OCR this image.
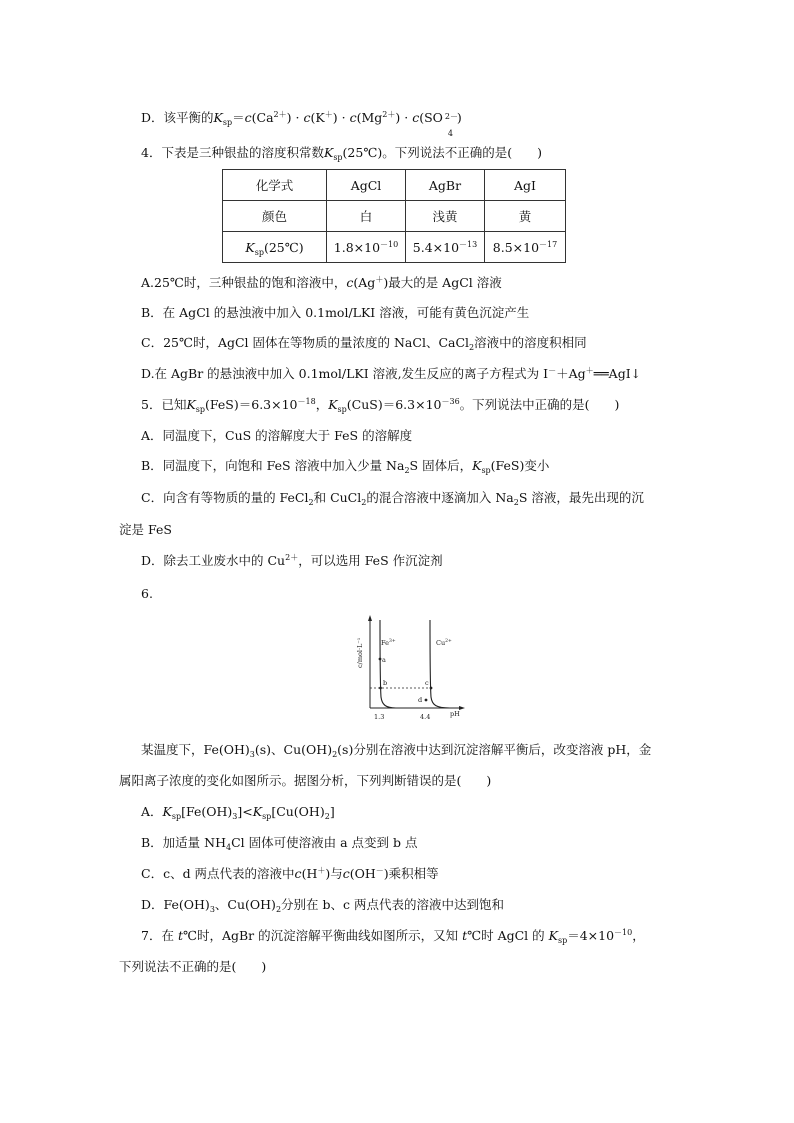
D．该平衡的$K_{sp}=c(Ca^{2+}) \cdot c(K^+) \cdot c(Mg^{2+}) \cdot c(SO$ 2－
4
)
4．下表是三种银盐的溶度积常数$K_{sp}(25℃)$。下列说法不正确的是(　　)
化学式	AgCl	AgBr	AgI
颜色	白	浅黄	黄
$K_{sp}(25℃)$	$1.8\times 10^{-10}$	$5.4\times 10^{-13}$	$8.5\times 10^{-17}$
A.25℃时，三种银盐的饱和溶液中，c(Ag＋)最大的是 AgCl 溶液
B．在 AgCl 的悬浊液中加入 0.1mol/LKI 溶液，可能有黄色沉淀产生
C．25℃时，AgCl 固体在等物质的量浓度的 NaCl、CaCl$_2$溶液中的溶度积相同
D.在 AgBr 的悬浊液中加入 0.1mol/LKI 溶液,发生反应的离子方程式为 I－＋Ag＋══AgI↓
5．已知$K_{sp}(FeS)=6.3\times 10^{-18}$，$K_{sp}(CuS)=6.3\times 10^{-36}$。下列说法中正确的是(　　)
A．同温度下，CuS 的溶解度大于 FeS 的溶解度
B．同温度下，向饱和 FeS 溶液中加入少量 $Na_2S$ 固体后，$K_{sp}(FeS)$变小
C．向含有等物质的量的 FeCl$_2$和 CuCl$_2$的混合溶液中逐滴加入 $Na_2S$ 溶液，最先出现的沉
淀是 FeS
D．除去工业废水中的 $Cu^{2+}$，可以选用 FeS 作沉淀剂
6.
c/mol·L⁻¹	$Fe^{3+}$	$Cu^{2+}$
a
b	c
d
1.3	4.4	pH
某温度下，$Fe(OH)_3(s)$、$Cu(OH)_2(s)$分别在溶液中达到沉淀溶解平衡后，改变溶液 pH，金
属阳离子浓度的变化如图所示。据图分析，下列判断错误的是(　　)
A．$K_{sp}[Fe(OH)_3]<K_{sp}[Cu(OH)_2]$
B．加适量 $NH_4Cl$ 固体可使溶液由 a 点变到 b 点
C．c、d 两点代表的溶液中c(H＋)与c(OH－)乘积相等
D．$Fe(OH)_3$、$Cu(OH)_2$分别在 b、c 两点代表的溶液中达到饱和
7．在 t℃时，AgBr 的沉淀溶解平衡曲线如图所示，又知 t℃时 AgCl 的 $K_{sp}=4\times 10^{-10}$，
下列说法不正确的是(　　)
